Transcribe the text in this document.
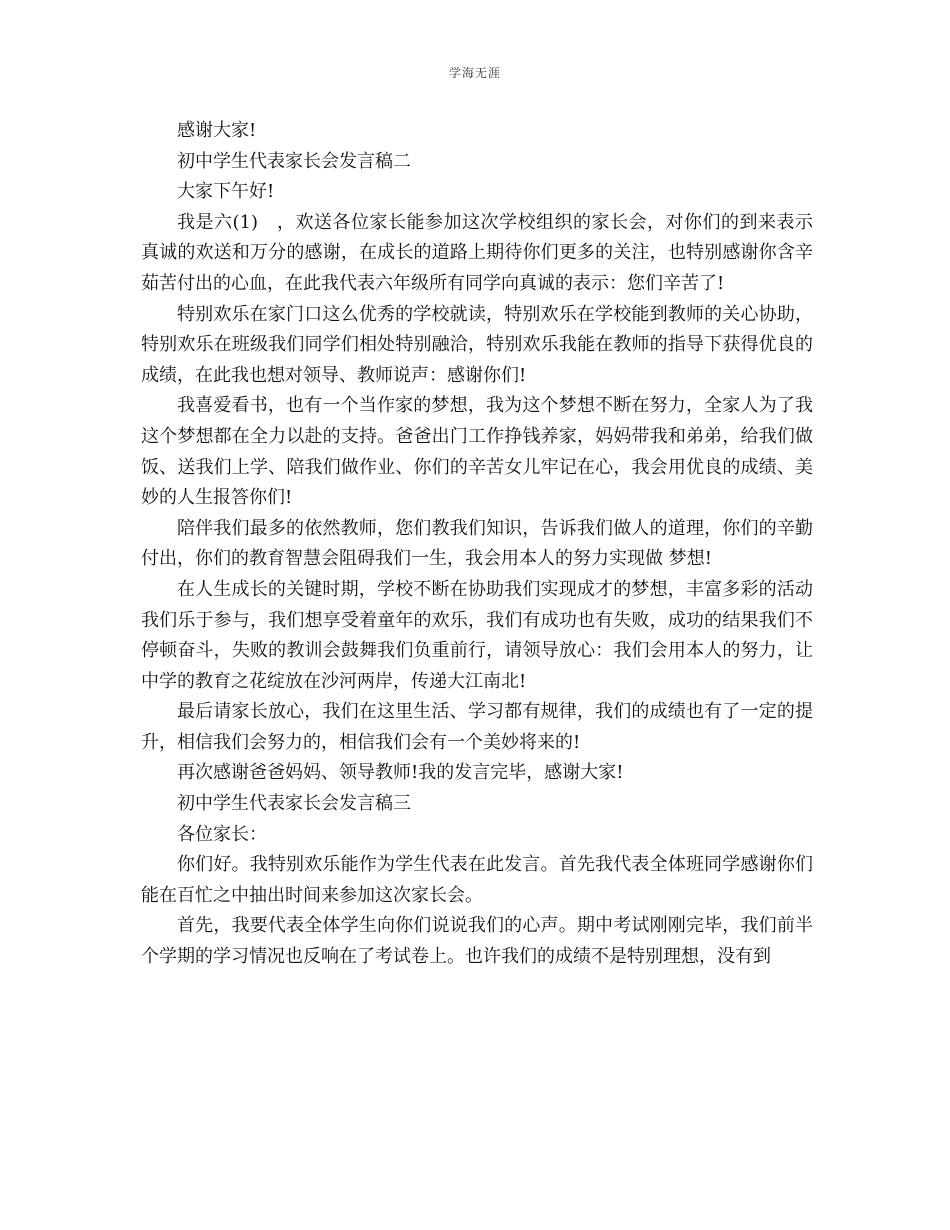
学海无涯

感谢大家!

初中学生代表家长会发言稿二

大家下午好!

我是六(1)　，欢送各位家长能参加这次学校组织的家长会，对你们的到来表示真诚的欢送和万分的感谢，在成长的道路上期待你们更多的关注，也特别感谢你含辛茹苦付出的心血，在此我代表六年级所有同学向真诚的表示：您们辛苦了!

特别欢乐在家门口这么优秀的学校就读，特别欢乐在学校能到教师的关心协助，特别欢乐在班级我们同学们相处特别融洽，特别欢乐我能在教师的指导下获得优良的成绩，在此我也想对领导、教师说声：感谢你们!

我喜爱看书，也有一个当作家的梦想，我为这个梦想不断在努力，全家人为了我这个梦想都在全力以赴的支持。爸爸出门工作挣钱养家，妈妈带我和弟弟，给我们做饭、送我们上学、陪我们做作业、你们的辛苦女儿牢记在心，我会用优良的成绩、美妙的人生报答你们!

陪伴我们最多的依然教师，您们教我们知识，告诉我们做人的道理，你们的辛勤付出，你们的教育智慧会阻碍我们一生，我会用本人的努力实现做 梦想!

在人生成长的关键时期，学校不断在协助我们实现成才的梦想，丰富多彩的活动我们乐于参与，我们想享受着童年的欢乐，我们有成功也有失败，成功的结果我们不停顿奋斗，失败的教训会鼓舞我们负重前行，请领导放心：我们会用本人的努力，让 中学的教育之花绽放在沙河两岸，传递大江南北!

最后请家长放心，我们在这里生活、学习都有规律，我们的成绩也有了一定的提升，相信我们会努力的，相信我们会有一个美妙将来的!

再次感谢爸爸妈妈、领导教师!我的发言完毕，感谢大家!

初中学生代表家长会发言稿三

各位家长：

你们好。我特别欢乐能作为学生代表在此发言。首先我代表全体班同学感谢你们能在百忙之中抽出时间来参加这次家长会。

首先，我要代表全体学生向你们说说我们的心声。期中考试刚刚完毕，我们前半个学期的学习情况也反响在了考试卷上。也许我们的成绩不是特别理想，没有到
